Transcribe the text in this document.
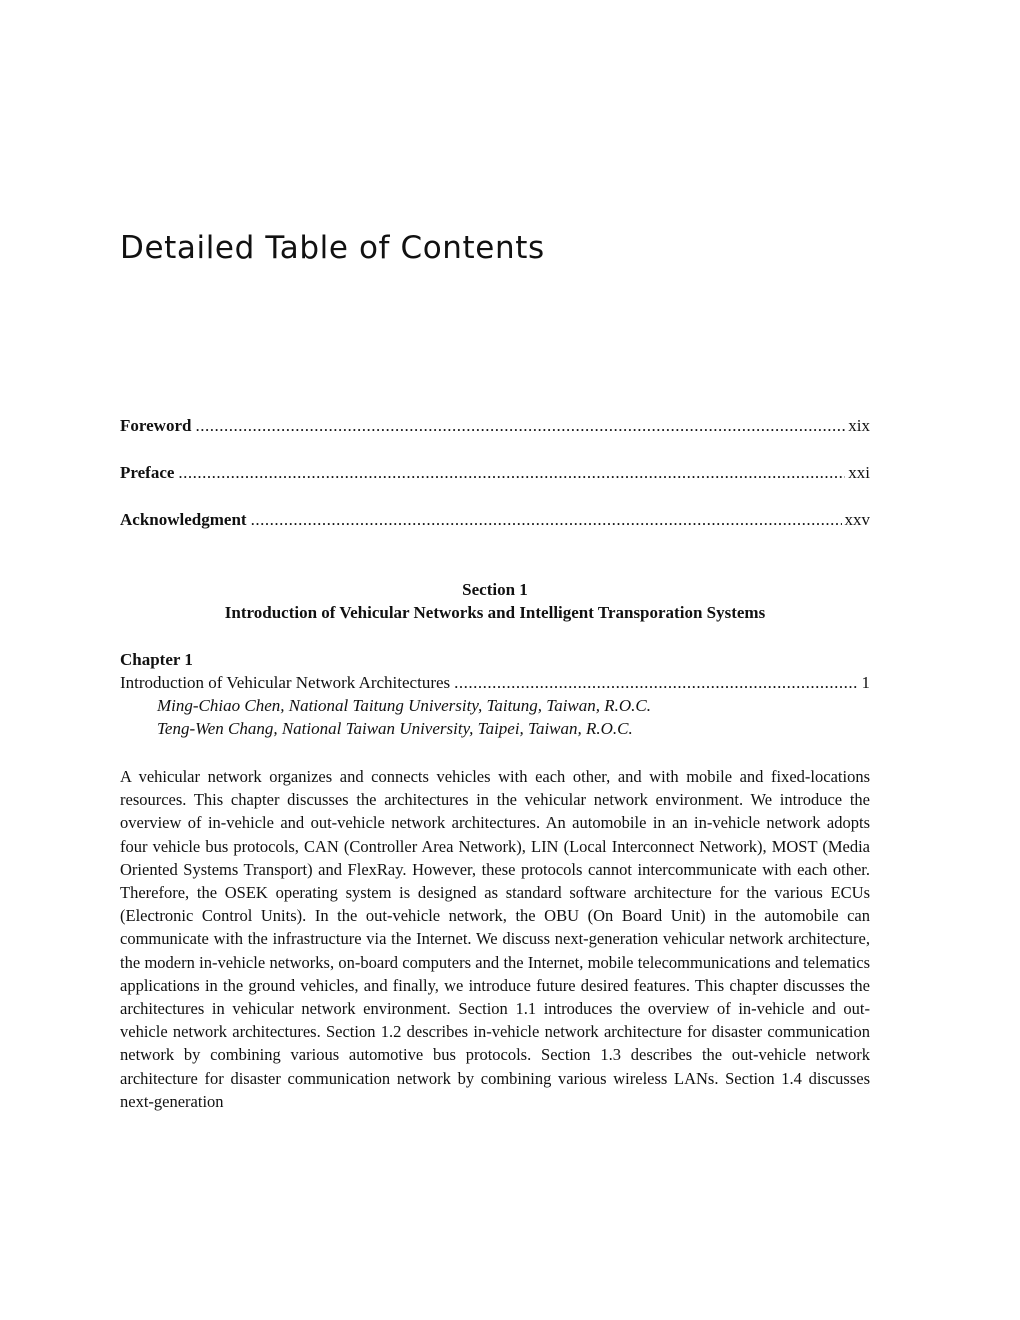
Detailed Table of Contents
Foreword .....	xix
Preface .....	xxi
Acknowledgment .....	xxv
Section 1
Introduction of Vehicular Networks and Intelligent Transporation Systems
Chapter 1
Introduction of Vehicular Network Architectures .....	1
Ming-Chiao Chen, National Taitung University, Taitung, Taiwan, R.O.C.
Teng-Wen Chang, National Taiwan University, Taipei, Taiwan, R.O.C.

A vehicular network organizes and connects vehicles with each other, and with mobile and fixed-locations resources. This chapter discusses the architectures in the vehicular network environment. We introduce the overview of in-vehicle and out-vehicle network architectures. An automobile in an in-vehicle network adopts four vehicle bus protocols, CAN (Controller Area Network), LIN (Local Interconnect Network), MOST (Media Oriented Systems Transport) and FlexRay. However, these protocols cannot intercommunicate with each other. Therefore, the OSEK operating system is designed as standard software architecture for the various ECUs (Electronic Control Units). In the out-vehicle network, the OBU (On Board Unit) in the automobile can communicate with the infrastructure via the Internet. We discuss next-generation vehicular network architecture, the modern in-vehicle networks, on-board computers and the Internet, mobile telecommunications and telematics applications in the ground vehicles, and finally, we introduce future desired features. This chapter discusses the architectures in vehicular network environment. Section 1.1 introduces the overview of in-vehicle and out-vehicle network architectures. Section 1.2 describes in-vehicle network architecture for disaster communication network by combining various automotive bus protocols. Section 1.3 describes the out-vehicle network architecture for disaster communication network by combining various wireless LANs. Section 1.4 discusses next-generation
